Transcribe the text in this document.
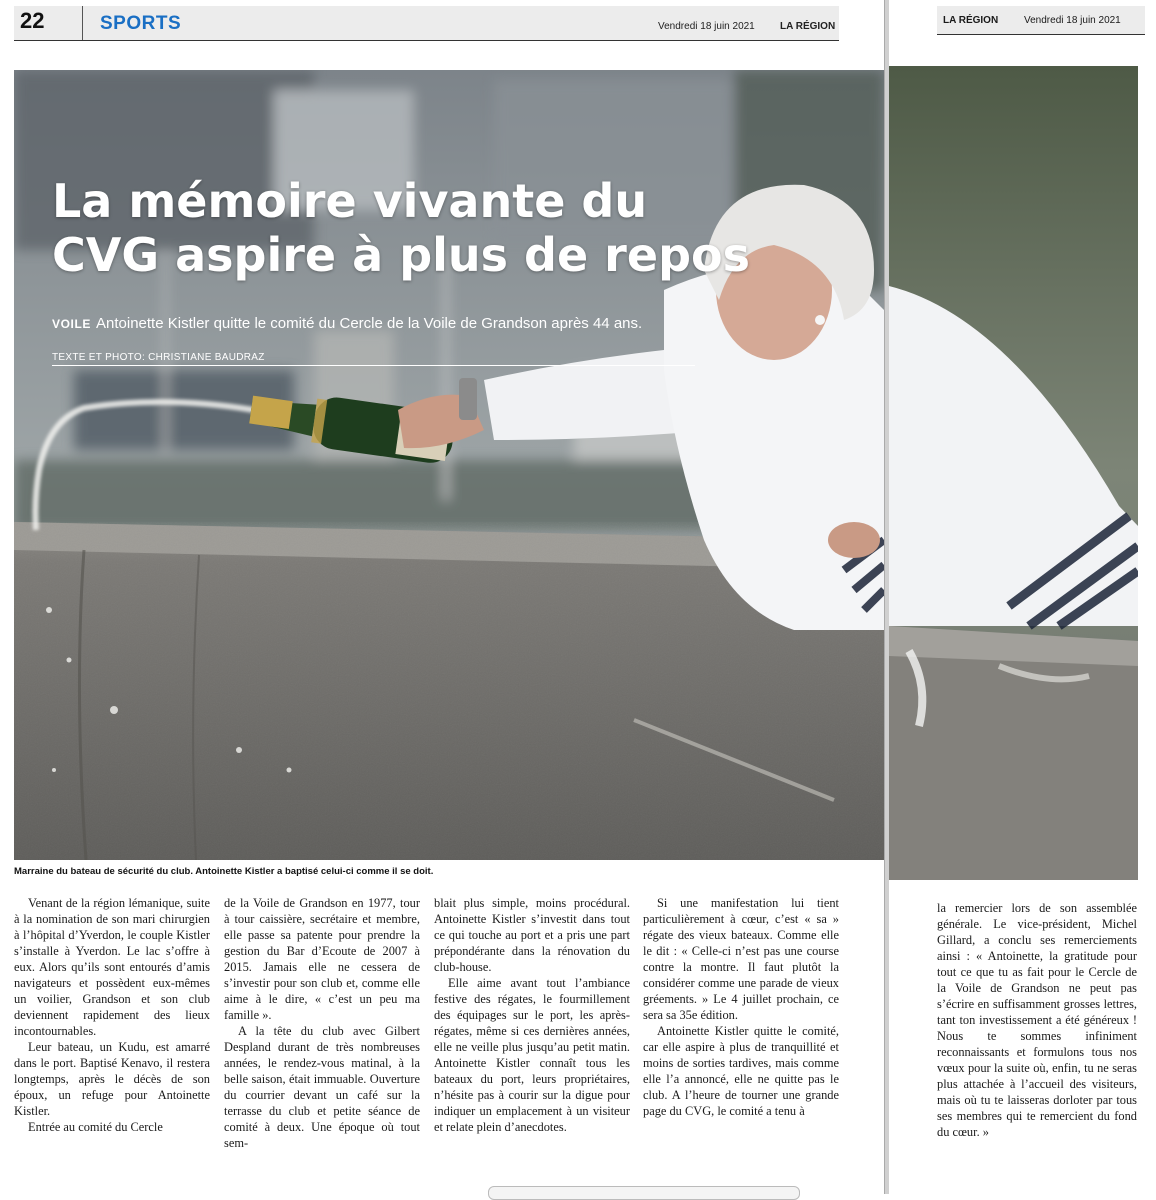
22	SPORTS	Vendredi 18 juin 2021	LA RÉGION
LA RÉGION	Vendredi 18 juin 2021
La mémoire vivante du CVG aspire à plus de repos
VOILE Antoinette Kistler quitte le comité du Cercle de la Voile de Grandson après 44 ans.
TEXTE ET PHOTO: CHRISTIANE BAUDRAZ
Marraine du bateau de sécurité du club. Antoinette Kistler a baptisé celui-ci comme il se doit.

Venant de la région lémanique, suite à la nomination de son mari chirurgien à l’hôpital d’Yverdon, le couple Kistler s’installe à Yverdon. Le lac s’offre à eux. Alors qu’ils sont entourés d’amis navigateurs et possèdent eux-mêmes un voilier, Grandson et son club deviennent rapidement des lieux incontournables.

Leur bateau, un Kudu, est amarré dans le port. Baptisé Kenavo, il restera longtemps, après le décès de son époux, un refuge pour Antoinette Kistler.

Entrée au comité du Cercle

de la Voile de Grandson en 1977, tour à tour caissière, secrétaire et membre, elle passe sa patente pour prendre la gestion du Bar d’Ecoute de 2007 à 2015. Jamais elle ne cessera de s’investir pour son club et, comme elle aime à le dire, « c’est un peu ma famille ».

A la tête du club avec Gilbert Despland durant de très nombreuses années, le rendez-vous matinal, à la belle saison, était immuable. Ouverture du courrier devant un café sur la terrasse du club et petite séance de comité à deux. Une époque où tout sem-

blait plus simple, moins procédural. Antoinette Kistler s’investit dans tout ce qui touche au port et a pris une part prépondérante dans la rénovation du club-house.

Elle aime avant tout l’ambiance festive des régates, le fourmillement des équipages sur le port, les après-régates, même si ces dernières années, elle ne veille plus jusqu’au petit matin. Antoinette Kistler connaît tous les bateaux du port, leurs propriétaires, n’hésite pas à courir sur la digue pour indiquer un emplacement à un visiteur et relate plein d’anecdotes.

Si une manifestation lui tient particulièrement à cœur, c’est « sa » régate des vieux bateaux. Comme elle le dit : « Celle-ci n’est pas une course contre la montre. Il faut plutôt la considérer comme une parade de vieux gréements. » Le 4 juillet prochain, ce sera sa 35e édition.

Antoinette Kistler quitte le comité, car elle aspire à plus de tranquillité et moins de sorties tardives, mais comme elle l’a annoncé, elle ne quitte pas le club. A l’heure de tourner une grande page du CVG, le comité a tenu à

la remercier lors de son assemblée générale. Le vice-président, Michel Gillard, a conclu ses remerciements ainsi : « Antoinette, la gratitude pour tout ce que tu as fait pour le Cercle de la Voile de Grandson ne peut pas s’écrire en suffisamment grosses lettres, tant ton investissement a été généreux ! Nous te sommes infiniment reconnaissants et formulons tous nos vœux pour la suite où, enfin, tu ne seras plus attachée à l’accueil des visiteurs, mais où tu te laisseras dorloter par tous ses membres qui te remercient du fond du cœur. »
